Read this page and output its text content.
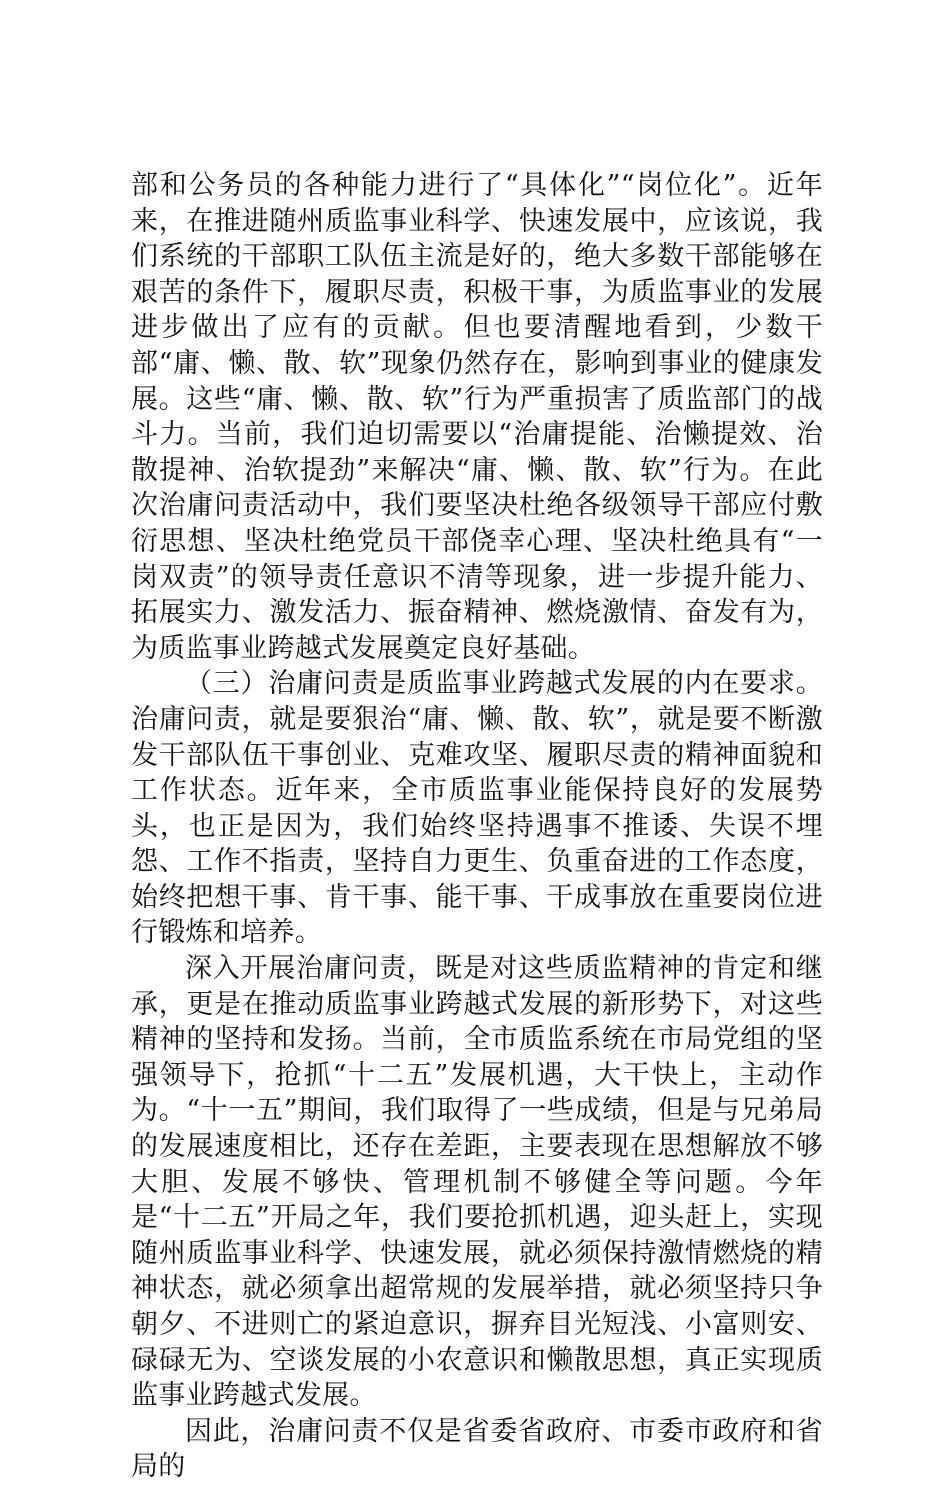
部和公务员的各种能力进行了“具体化”“岗位化”。近年来，在推进随州质监事业科学、快速发展中，应该说，我们系统的干部职工队伍主流是好的，绝大多数干部能够在艰苦的条件下，履职尽责，积极干事，为质监事业的发展进步做出了应有的贡献。但也要清醒地看到，少数干部“庸、懒、散、软”现象仍然存在，影响到事业的健康发展。这些“庸、懒、散、软”行为严重损害了质监部门的战斗力。当前，我们迫切需要以“治庸提能、治懒提效、治散提神、治软提劲”来解决“庸、懒、散、软”行为。在此次治庸问责活动中，我们要坚决杜绝各级领导干部应付敷衍思想、坚决杜绝党员干部侥幸心理、坚决杜绝具有“一岗双责”的领导责任意识不清等现象，进一步提升能力、拓展实力、激发活力、振奋精神、燃烧激情、奋发有为，为质监事业跨越式发展奠定良好基础。

（三）治庸问责是质监事业跨越式发展的内在要求。治庸问责，就是要狠治“庸、懒、散、软”，就是要不断激发干部队伍干事创业、克难攻坚、履职尽责的精神面貌和工作状态。近年来，全市质监事业能保持良好的发展势头，也正是因为，我们始终坚持遇事不推诿、失误不埋怨、工作不指责，坚持自力更生、负重奋进的工作态度，始终把想干事、肯干事、能干事、干成事放在重要岗位进行锻炼和培养。

深入开展治庸问责，既是对这些质监精神的肯定和继承，更是在推动质监事业跨越式发展的新形势下，对这些精神的坚持和发扬。当前，全市质监系统在市局党组的坚强领导下，抢抓“十二五”发展机遇，大干快上，主动作为。“十一五”期间，我们取得了一些成绩，但是与兄弟局的发展速度相比，还存在差距，主要表现在思想解放不够大胆、发展不够快、管理机制不够健全等问题。今年是“十二五”开局之年，我们要抢抓机遇，迎头赶上，实现随州质监事业科学、快速发展，就必须保持激情燃烧的精神状态，就必须拿出超常规的发展举措，就必须坚持只争朝夕、不进则亡的紧迫意识，摒弃目光短浅、小富则安、碌碌无为、空谈发展的小农意识和懒散思想，真正实现质监事业跨越式发展。

因此，治庸问责不仅是省委省政府、市委市政府和省局的
